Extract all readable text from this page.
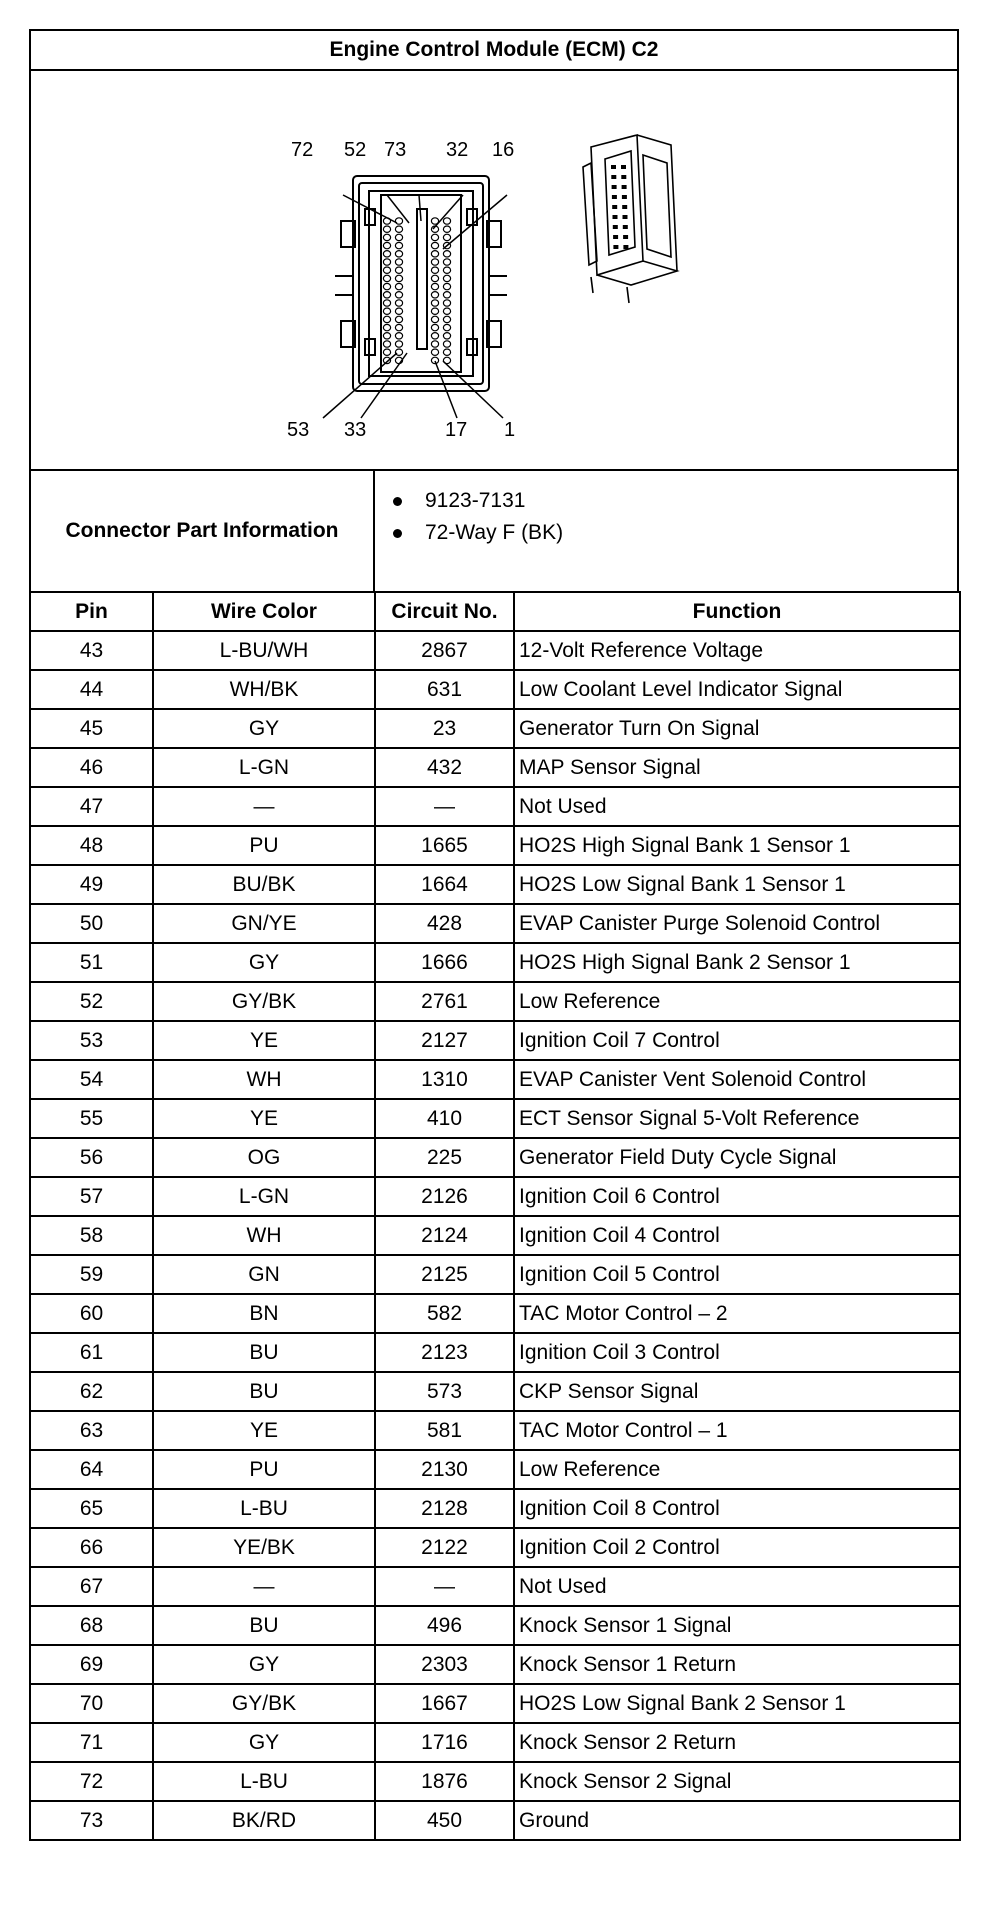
Engine Control Module (ECM) C2
72 52 73 32 16
53 33	17 1
Connector Part Information
9123-7131
72-Way F (BK)
Pin	Wire Color	Circuit No.	Function
43	L-BU/WH	2867	12-Volt Reference Voltage
44	WH/BK	631	Low Coolant Level Indicator Signal
45	GY	23	Generator Turn On Signal
46	L-GN	432	MAP Sensor Signal
47	—	—	Not Used
48	PU	1665	HO2S High Signal Bank 1 Sensor 1
49	BU/BK	1664	HO2S Low Signal Bank 1 Sensor 1
50	GN/YE	428	EVAP Canister Purge Solenoid Control
51	GY	1666	HO2S High Signal Bank 2 Sensor 1
52	GY/BK	2761	Low Reference
53	YE	2127	Ignition Coil 7 Control
54	WH	1310	EVAP Canister Vent Solenoid Control
55	YE	410	ECT Sensor Signal 5-Volt Reference
56	OG	225	Generator Field Duty Cycle Signal
57	L-GN	2126	Ignition Coil 6 Control
58	WH	2124	Ignition Coil 4 Control
59	GN	2125	Ignition Coil 5 Control
60	BN	582	TAC Motor Control – 2
61	BU	2123	Ignition Coil 3 Control
62	BU	573	CKP Sensor Signal
63	YE	581	TAC Motor Control – 1
64	PU	2130	Low Reference
65	L-BU	2128	Ignition Coil 8 Control
66	YE/BK	2122	Ignition Coil 2 Control
67	—	—	Not Used
68	BU	496	Knock Sensor 1 Signal
69	GY	2303	Knock Sensor 1 Return
70	GY/BK	1667	HO2S Low Signal Bank 2 Sensor 1
71	GY	1716	Knock Sensor 2 Return
72	L-BU	1876	Knock Sensor 2 Signal
73	BK/RD	450	Ground
